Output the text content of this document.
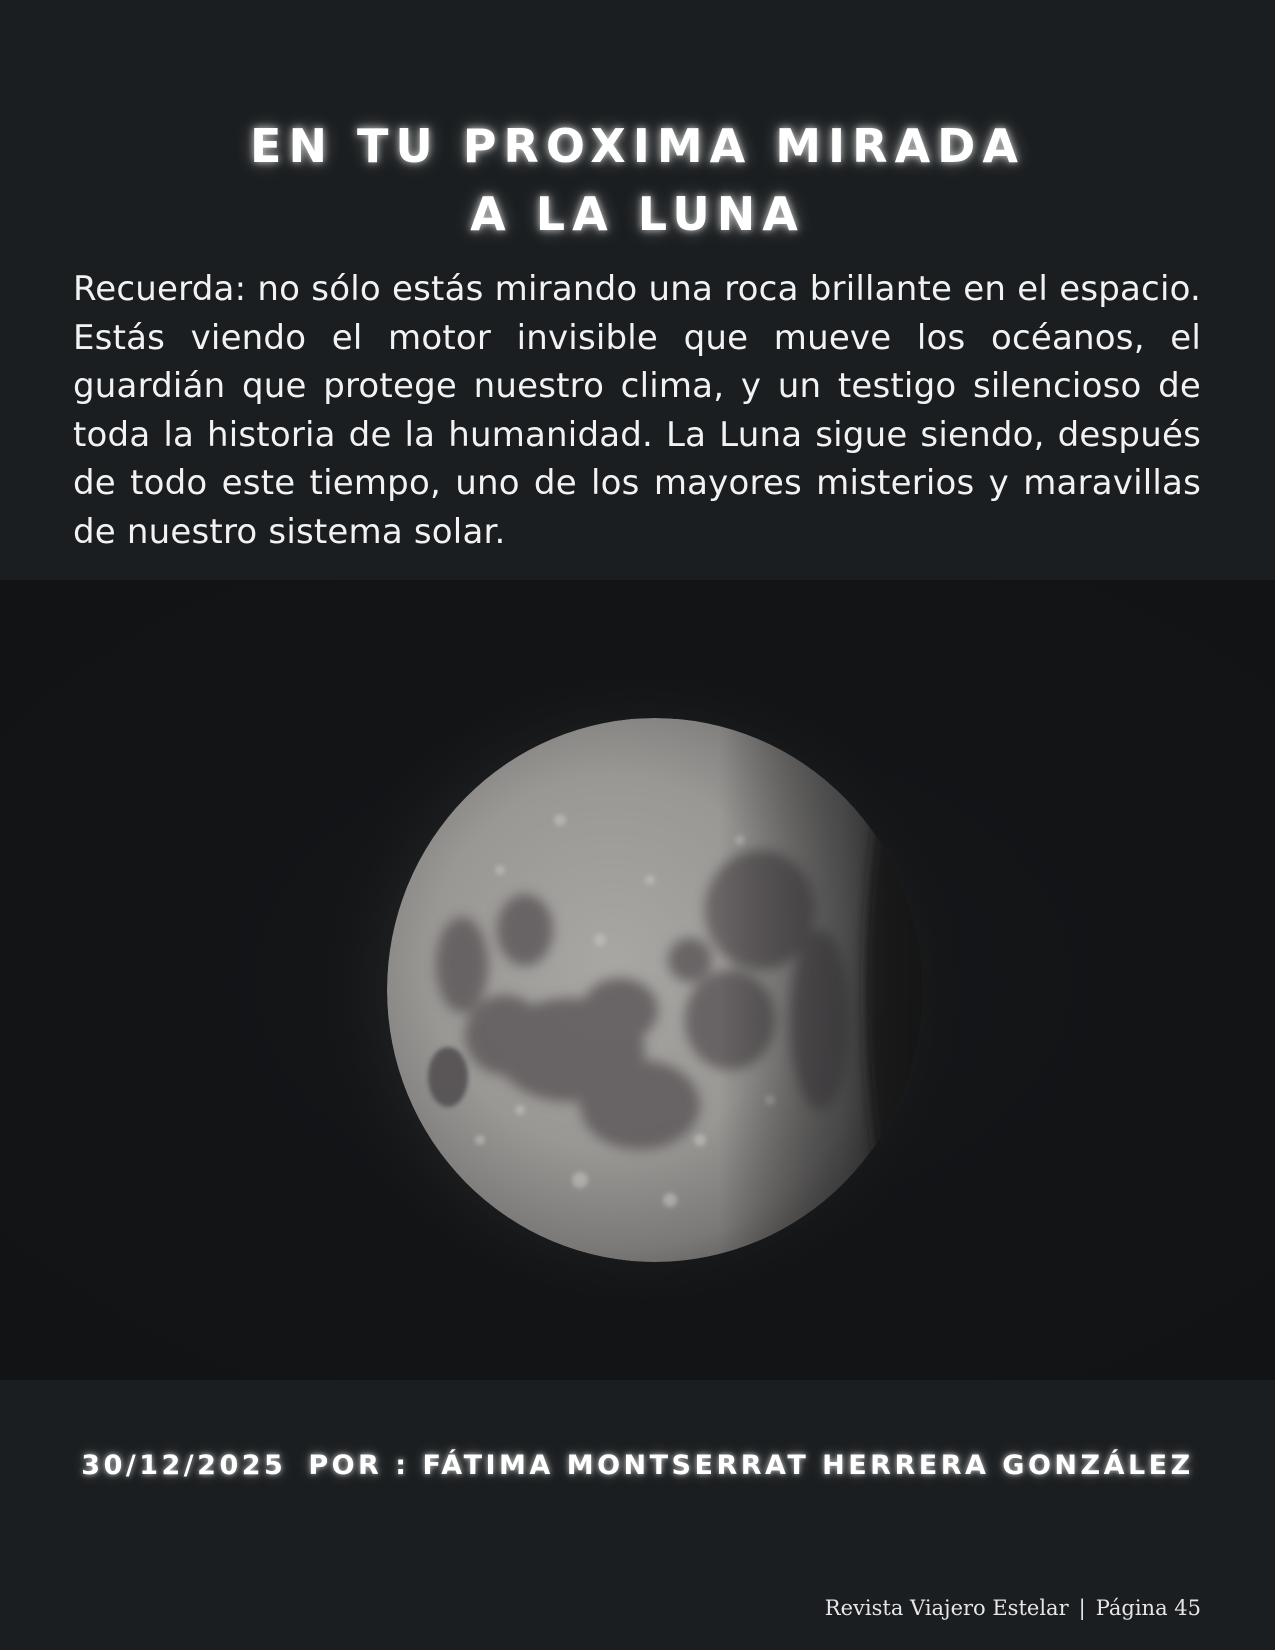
EN TU PROXIMA MIRADA
A LA LUNA

Recuerda: no sólo estás mirando una roca brillante en el espacio. Estás viendo el motor invisible que mueve los océanos, el guardián que protege nuestro clima, y un testigo silencioso de toda la historia de la humanidad. La Luna sigue siendo, después de todo este tiempo, uno de los mayores misterios y maravillas de nuestro sistema solar.

30/12/2025 POR : FÁTIMA MONTSERRAT HERRERA GONZÁLEZ
Revista Viajero Estelar | Página 45
